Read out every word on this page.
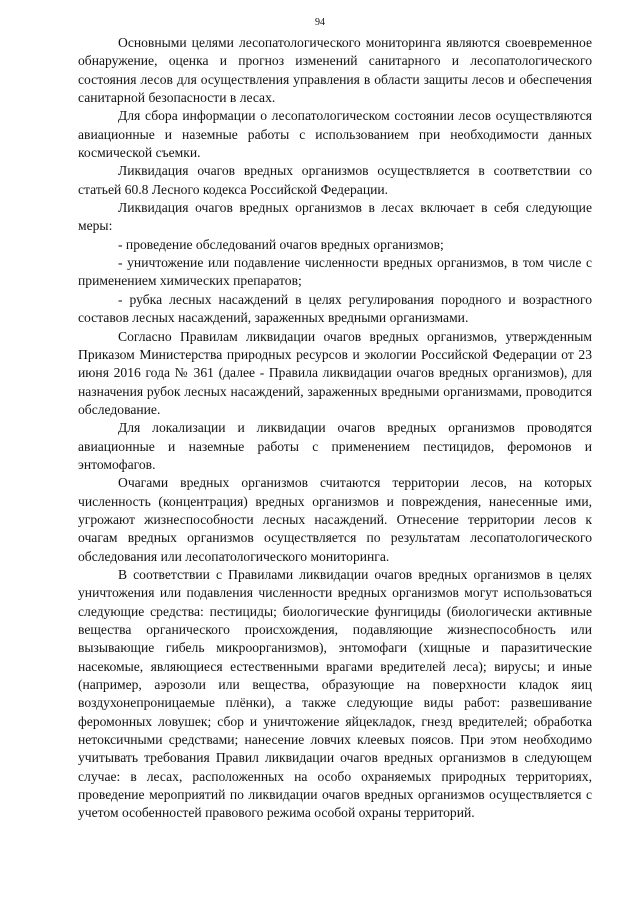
94

Основными целями лесопатологического мониторинга являются своевременное обнаружение, оценка и прогноз изменений санитарного и лесопатологического состояния лесов для осуществления управления в области защиты лесов и обеспечения санитарной безопасности в лесах.

Для сбора информации о лесопатологическом состоянии лесов осуществляются авиационные и наземные работы с использованием при необходимости данных космической съемки.

Ликвидация очагов вредных организмов осуществляется в соответствии со статьей 60.8 Лесного кодекса Российской Федерации.

Ликвидация очагов вредных организмов в лесах включает в себя следующие меры:

- проведение обследований очагов вредных организмов;

- уничтожение или подавление численности вредных организмов, в том числе с применением химических препаратов;

- рубка лесных насаждений в целях регулирования породного и возрастного составов лесных насаждений, зараженных вредными организмами.

Согласно Правилам ликвидации очагов вредных организмов, утвержденным Приказом Министерства природных ресурсов и экологии Российской Федерации от 23 июня 2016 года № 361 (далее - Правила ликвидации очагов вредных организмов), для назначения рубок лесных насаждений, зараженных вредными организмами, проводится обследование.

Для локализации и ликвидации очагов вредных организмов проводятся авиационные и наземные работы с применением пестицидов, феромонов и энтомофагов.

Очагами вредных организмов считаются территории лесов, на которых численность (концентрация) вредных организмов и повреждения, нанесенные ими, угрожают жизнеспособности лесных насаждений. Отнесение территории лесов к очагам вредных организмов осуществляется по результатам лесопатологического обследования или лесопатологического мониторинга.

В соответствии с Правилами ликвидации очагов вредных организмов в целях уничтожения или подавления численности вредных организмов могут использоваться следующие средства: пестициды; биологические фунгициды (биологически активные вещества органического происхождения, подавляющие жизнеспособность или вызывающие гибель микроорганизмов), энтомофаги (хищные и паразитические насекомые, являющиеся естественными врагами вредителей леса); вирусы; и иные (например, аэрозоли или вещества, образующие на поверхности кладок яиц воздухонепроницаемые плёнки), а также следующие виды работ: развешивание феромонных ловушек; сбор и уничтожение яйцекладок, гнезд вредителей; обработка нетоксичными средствами; нанесение ловчих клеевых поясов. При этом необходимо учитывать требования Правил ликвидации очагов вредных организмов в следующем случае: в лесах, расположенных на особо охраняемых природных территориях, проведение мероприятий по ликвидации очагов вредных организмов осуществляется с учетом особенностей правового режима особой охраны территорий.
